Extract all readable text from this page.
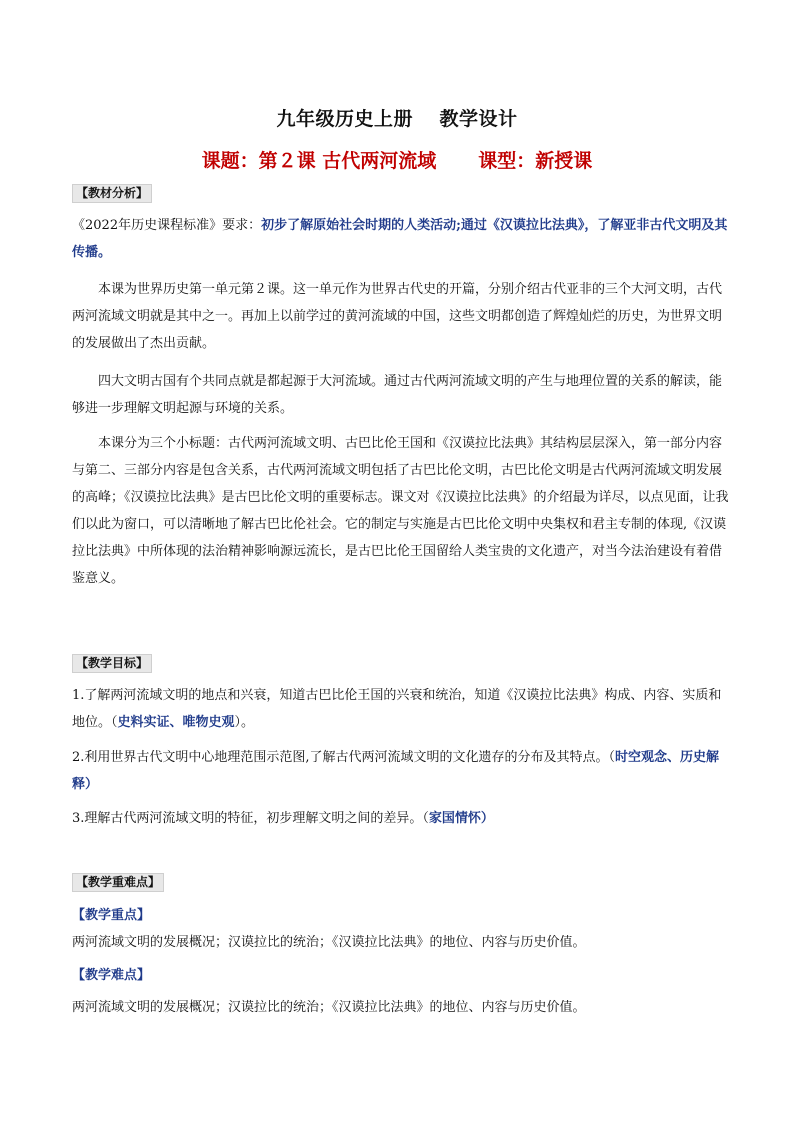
九年级历史上册　 教学设计
课题：第２课 古代两河流域 课型：新授课
【教材分析】
《2022年历史课程标准》要求：初步了解原始社会时期的人类活动;通过《汉谟拉比法典》，了解亚非古代文明及其传播。
本课为世界历史第一单元第２课。这一单元作为世界古代史的开篇，分别介绍古代亚非的三个大河文明，古代两河流域文明就是其中之一。再加上以前学过的黄河流域的中国，这些文明都创造了辉煌灿烂的历史，为世界文明的发展做出了杰出贡献。
四大文明古国有个共同点就是都起源于大河流域。通过古代两河流域文明的产生与地理位置的关系的解读，能够进一步理解文明起源与环境的关系。
本课分为三个小标题：古代两河流域文明、古巴比伦王国和《汉谟拉比法典》其结构层层深入，第一部分内容与第二、三部分内容是包含关系，古代两河流域文明包括了古巴比伦文明，古巴比伦文明是古代两河流域文明发展的高峰；《汉谟拉比法典》是古巴比伦文明的重要标志。课文对《汉谟拉比法典》的介绍最为详尽，以点见面，让我们以此为窗口，可以清晰地了解古巴比伦社会。它的制定与实施是古巴比伦文明中央集权和君主专制的体现,《汉谟拉比法典》中所体现的法治精神影响源远流长，是古巴比伦王国留给人类宝贵的文化遗产，对当今法治建设有着借鉴意义。
【教学目标】
1.了解两河流域文明的地点和兴衰，知道古巴比伦王国的兴衰和统治，知道《汉谟拉比法典》构成、内容、实质和地位。（史料实证、唯物史观）。
2.利用世界古代文明中心地理范围示范图,了解古代两河流域文明的文化遗存的分布及其特点。（时空观念、历史解释）
3.理解古代两河流域文明的特征，初步理解文明之间的差异。（家国情怀）
【教学重难点】
【教学重点】
两河流域文明的发展概况；汉谟拉比的统治；《汉谟拉比法典》的地位、内容与历史价值。
【教学难点】
两河流域文明的发展概况；汉谟拉比的统治；《汉谟拉比法典》的地位、内容与历史价值。
